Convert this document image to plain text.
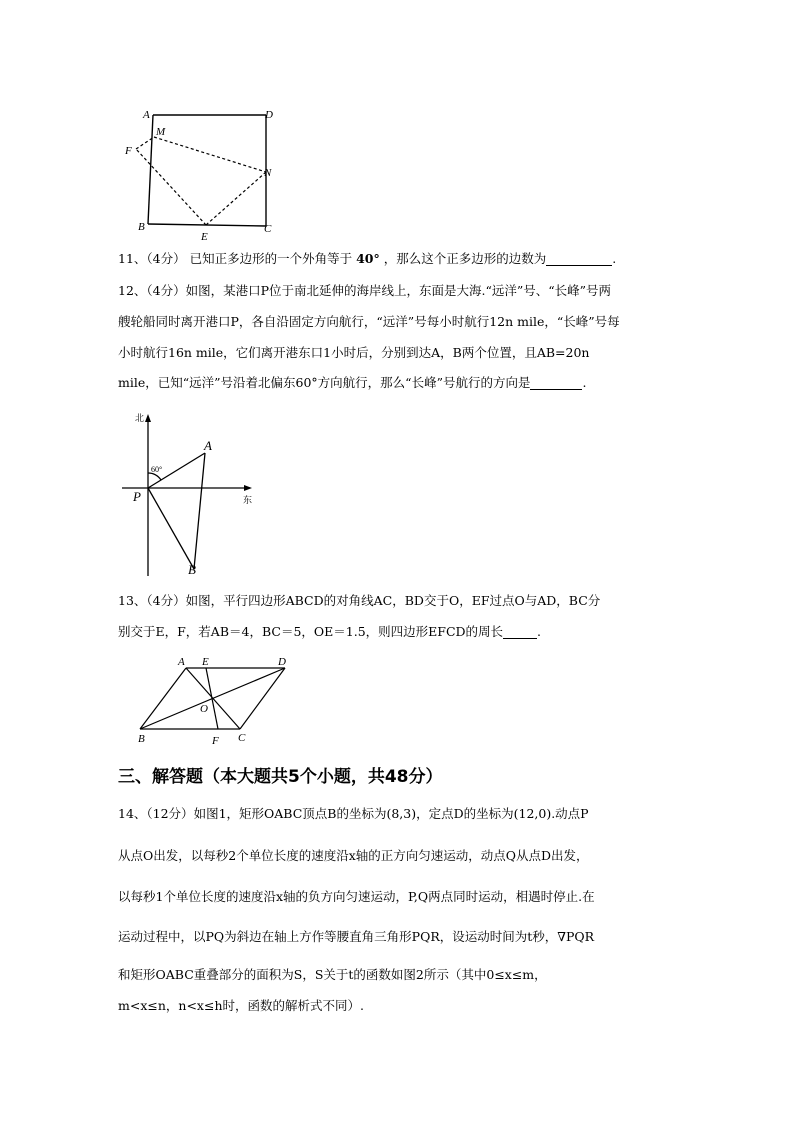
A	D
M
F
N
B	C
E
11、（4分） 已知正多边形的一个外角等于 40° ，那么这个正多边形的边数为	.
12、（4分）如图，某港口P位于南北延伸的海岸线上，东面是大海.“远洋”号、“长峰”号两
艘轮船同时离开港口P，各自沿固定方向航行，“远洋”号每小时航行12n mile，“长峰”号每
小时航行16n mile，它们离开港东口1小时后，分别到达A，B两个位置，且AB=20n
mile，已知“远洋”号沿着北偏东60°方向航行，那么“长峰”号航行的方向是	.
北
东
60°
P
A
B
13、（4分）如图，平行四边形ABCD的对角线AC，BD交于O，EF过点O与AD，BC分
别交于E，F，若AB＝4，BC＝5，OE＝1.5，则四边形EFCD的周长	.
A E	D
O
B	F C
三、解答题（本大题共5个小题，共48分）
14、（12分）如图1，矩形OABC顶点B的坐标为(8,3)，定点D的坐标为(12,0).动点P
从点O出发，以每秒2个单位长度的速度沿x轴的正方向匀速运动，动点Q从点D出发，
以每秒1个单位长度的速度沿x轴的负方向匀速运动，P,Q两点同时运动，相遇时停止.在
运动过程中，以PQ为斜边在轴上方作等腰直角三角形PQR，设运动时间为t秒，∇PQR
和矩形OABC重叠部分的面积为S，S关于t的函数如图2所示（其中0≤x≤m，
m<x≤n，n<x≤h时，函数的解析式不同）.
